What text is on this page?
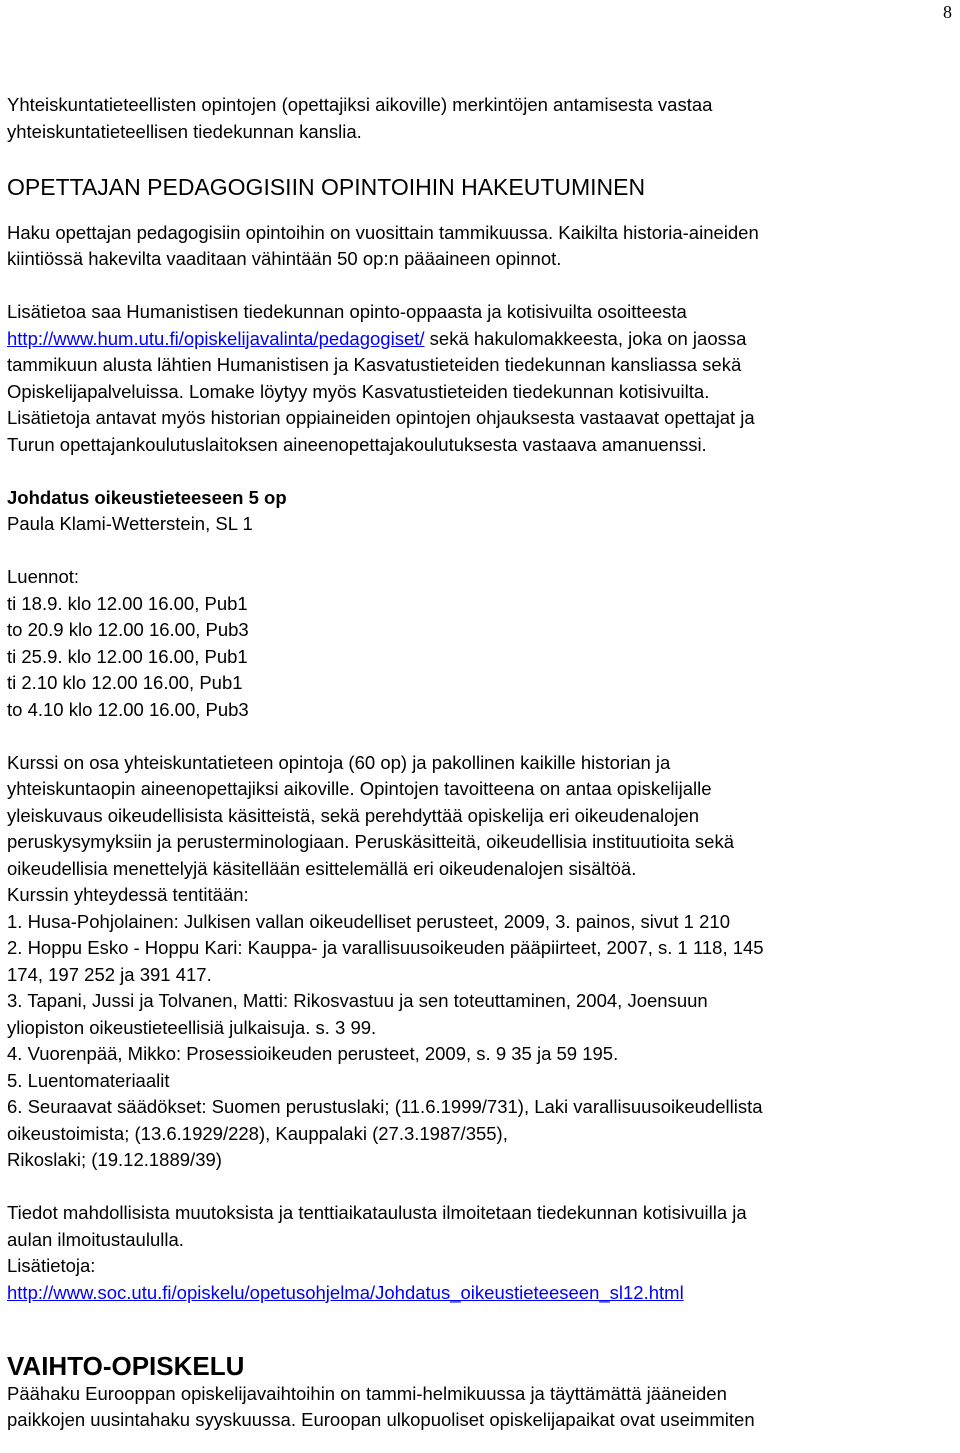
8
Yhteiskuntatieteellisten opintojen (opettajiksi aikoville) merkintöjen antamisesta vastaa
yhteiskuntatieteellisen tiedekunnan kanslia.
OPETTAJAN PEDAGOGISIIN OPINTOIHIN HAKEUTUMINEN
Haku opettajan pedagogisiin opintoihin on vuosittain tammikuussa. Kaikilta historia-aineiden
kiintiössä hakevilta vaaditaan vähintään 50 op:n pääaineen opinnot.
Lisätietoa saa Humanistisen tiedekunnan opinto-oppaasta ja kotisivuilta osoitteesta
http://www.hum.utu.fi/opiskelijavalinta/pedagogiset/ sekä hakulomakkeesta, joka on jaossa
tammikuun alusta lähtien Humanistisen ja Kasvatustieteiden tiedekunnan kansliassa sekä
Opiskelijapalveluissa. Lomake löytyy myös Kasvatustieteiden tiedekunnan kotisivuilta.
Lisätietoja antavat myös historian oppiaineiden opintojen ohjauksesta vastaavat opettajat ja
Turun opettajankoulutuslaitoksen aineenopettajakoulutuksesta vastaava amanuenssi.
Johdatus oikeustieteeseen 5 op
Paula Klami-Wetterstein, SL 1
Luennot:
ti 18.9. klo 12.00 16.00, Pub1
to 20.9 klo 12.00 16.00, Pub3
ti 25.9. klo 12.00 16.00, Pub1
ti 2.10 klo 12.00 16.00, Pub1
to 4.10 klo 12.00 16.00, Pub3
Kurssi on osa yhteiskuntatieteen opintoja (60 op) ja pakollinen kaikille historian ja
yhteiskuntaopin aineenopettajiksi aikoville. Opintojen tavoitteena on antaa opiskelijalle
yleiskuvaus oikeudellisista käsitteistä, sekä perehdyttää opiskelija eri oikeudenalojen
peruskysymyksiin ja perusterminologiaan. Peruskäsitteitä, oikeudellisia instituutioita sekä
oikeudellisia menettelyjä käsitellään esittelemällä eri oikeudenalojen sisältöä.
Kurssin yhteydessä tentitään:
1. Husa-Pohjolainen: Julkisen vallan oikeudelliset perusteet, 2009, 3. painos, sivut 1 210
2. Hoppu Esko - Hoppu Kari: Kauppa- ja varallisuusoikeuden pääpiirteet, 2007, s. 1 118, 145
174, 197 252 ja 391 417.
3. Tapani, Jussi ja Tolvanen, Matti: Rikosvastuu ja sen toteuttaminen, 2004, Joensuun
yliopiston oikeustieteellisiä julkaisuja. s. 3 99.
4. Vuorenpää, Mikko: Prosessioikeuden perusteet, 2009, s. 9 35 ja 59 195.
5. Luentomateriaalit
6. Seuraavat säädökset: Suomen perustuslaki; (11.6.1999/731), Laki varallisuusoikeudellista
oikeustoimista; (13.6.1929/228), Kauppalaki (27.3.1987/355),
Rikoslaki; (19.12.1889/39)
Tiedot mahdollisista muutoksista ja tenttiaikataulusta ilmoitetaan tiedekunnan kotisivuilla ja
aulan ilmoitustaululla.
Lisätietoja:
http://www.soc.utu.fi/opiskelu/opetusohjelma/Johdatus_oikeustieteeseen_sl12.html
VAIHTO-OPISKELU
Päähaku Eurooppan opiskelijavaihtoihin on tammi-helmikuussa ja täyttämättä jääneiden
paikkojen uusintahaku syyskuussa. Euroopan ulkopuoliset opiskelijapaikat ovat useimmiten
